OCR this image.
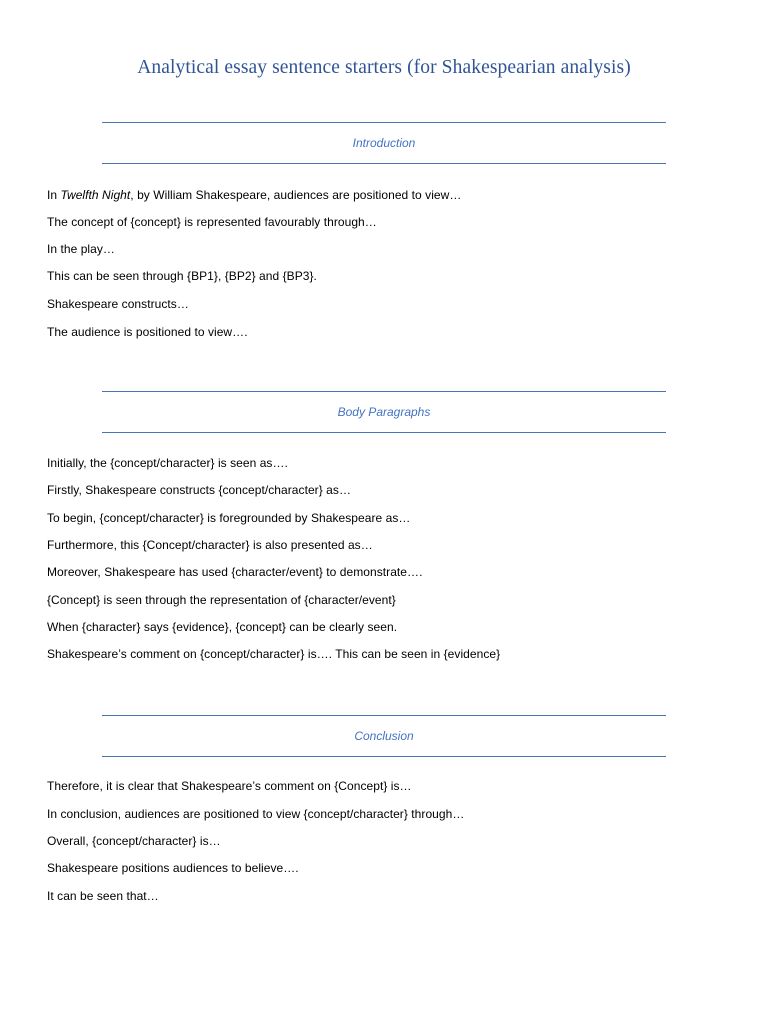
Analytical essay sentence starters (for Shakespearian analysis)
Introduction
In Twelfth Night, by William Shakespeare, audiences are positioned to view…
The concept of {concept} is represented favourably through…
In the play…
This can be seen through {BP1}, {BP2} and {BP3}.
Shakespeare constructs…
The audience is positioned to view….
Body Paragraphs
Initially, the {concept/character} is seen as….
Firstly, Shakespeare constructs {concept/character} as…
To begin, {concept/character} is foregrounded by Shakespeare as…
Furthermore, this {Concept/character} is also presented as…
Moreover, Shakespeare has used {character/event} to demonstrate….
{Concept} is seen through the representation of {character/event}
When {character} says {evidence}, {concept} can be clearly seen.
Shakespeare’s comment on {concept/character} is…. This can be seen in {evidence}
Conclusion
Therefore, it is clear that Shakespeare’s comment on {Concept} is…
In conclusion, audiences are positioned to view {concept/character} through…
Overall, {concept/character} is…
Shakespeare positions audiences to believe….
It can be seen that…
